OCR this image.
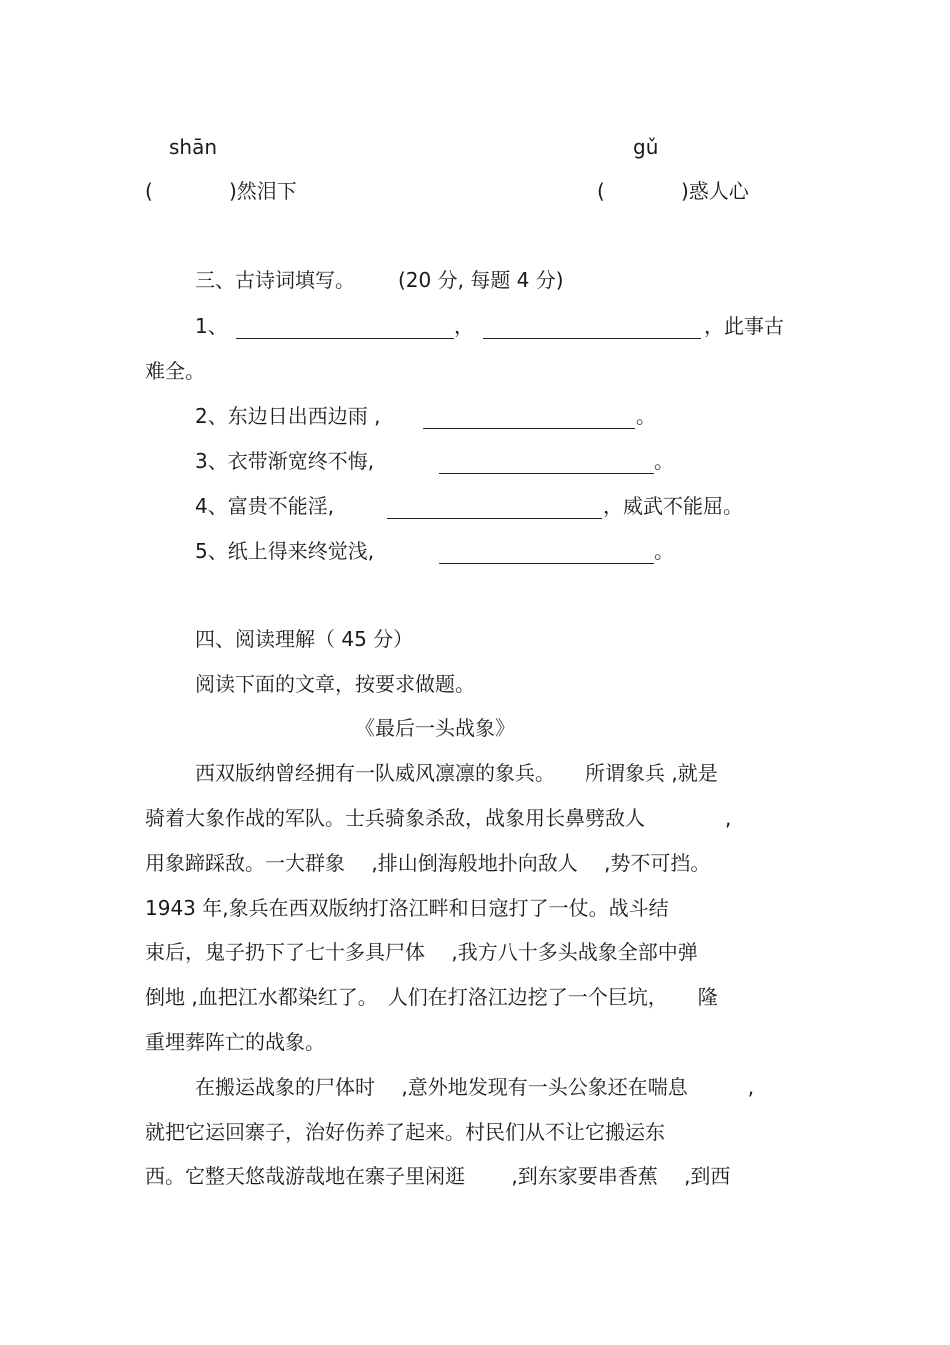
shān	gǔ
(	)然泪下	(	)惑人心
三、古诗词填写。 (20 分, 每题 4 分)
1、	，	，此事古
难全。
2、东边日出西边雨 ,	。
3、衣带渐宽终不悔,	。
4、富贵不能淫,	，威武不能屈。
5、纸上得来终觉浅,	。
四、阅读理解（ 45 分）
阅读下面的文章，按要求做题。
《最后一头战象》
西双版纳曾经拥有一队威风凛凛的象兵。　　所谓象兵 ,就是
骑着大象作战的军队。士兵骑象杀敌，战象用长鼻劈敌人　　　　,
用象蹄踩敌。一大群象　 ,排山倒海般地扑向敌人　 ,势不可挡。
1943 年,象兵在西双版纳打洛江畔和日寇打了一仗。战斗结
束后，鬼子扔下了七十多具尸体　 ,我方八十多头战象全部中弹
倒地 ,血把江水都染红了。　人们在打洛江边挖了一个巨坑，　　隆
重埋葬阵亡的战象。
在搬运战象的尸体时　 ,意外地发现有一头公象还在喘息　　　,
就把它运回寨子，治好伤养了起来。村民们从不让它搬运东
西。它整天悠哉游哉地在寨子里闲逛　　 ,到东家要串香蕉　 ,到西
